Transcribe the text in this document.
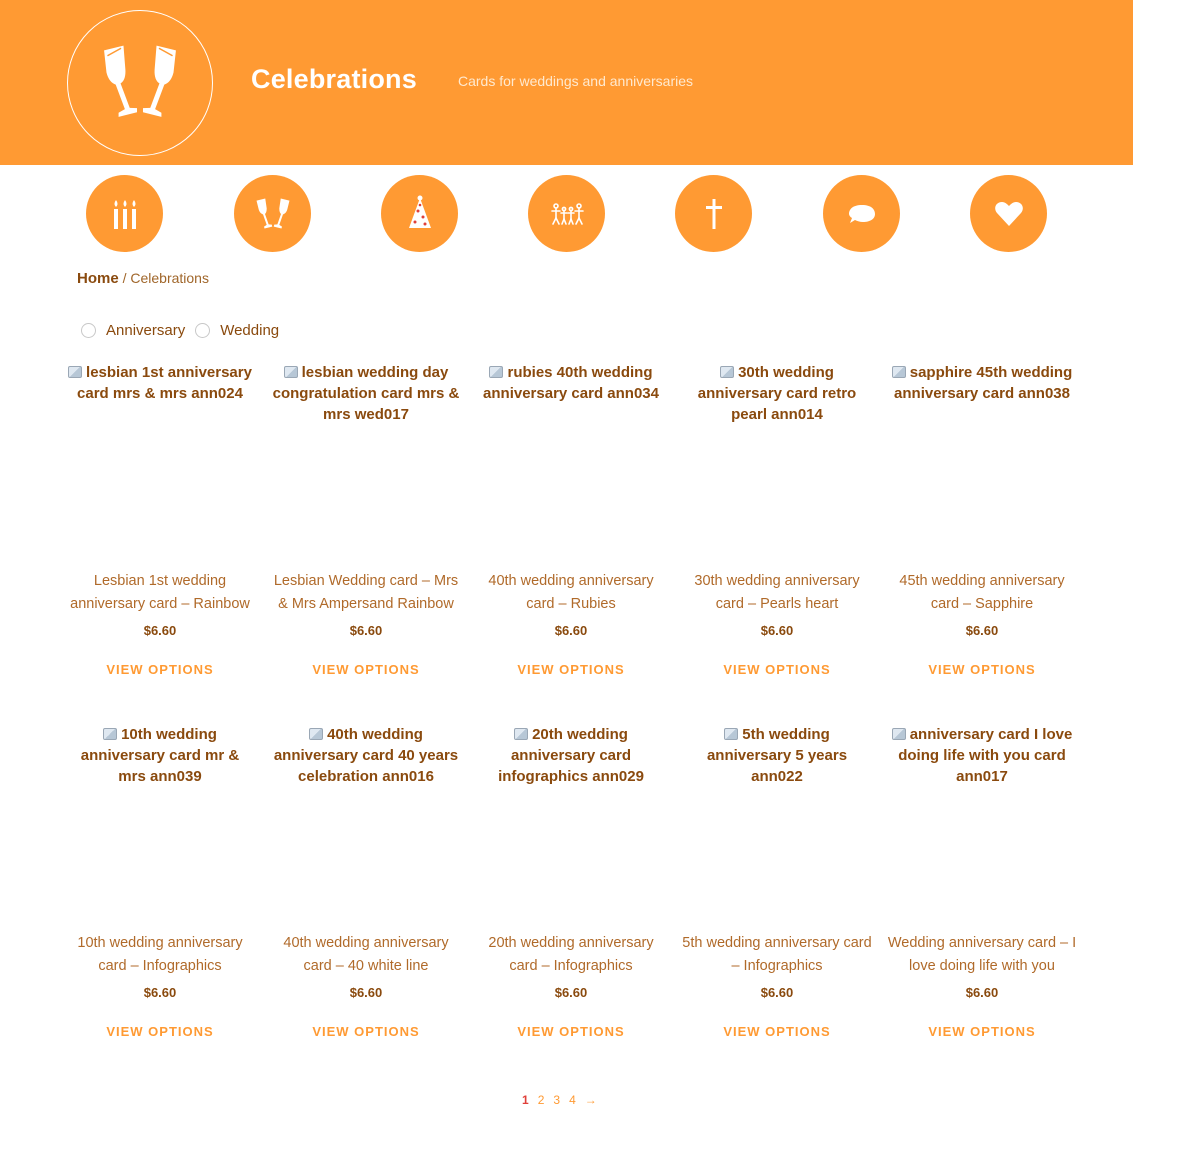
Celebrations	Cards for weddings and anniversaries
Home / Celebrations
Anniversary Wedding
lesbian 1st anniversary card mrs & mrs ann024
Lesbian 1st wedding anniversary card – Rainbow
$6.60
VIEW OPTIONS
lesbian wedding day congratulation card mrs & mrs wed017
Lesbian Wedding card – Mrs & Mrs Ampersand Rainbow
$6.60
VIEW OPTIONS
rubies 40th wedding anniversary card ann034
40th wedding anniversary card – Rubies
$6.60
VIEW OPTIONS
30th wedding anniversary card retro pearl ann014
30th wedding anniversary card – Pearls heart
$6.60
VIEW OPTIONS
sapphire 45th wedding anniversary card ann038
45th wedding anniversary card – Sapphire
$6.60
VIEW OPTIONS
10th wedding anniversary card mr & mrs ann039
10th wedding anniversary card – Infographics
$6.60
VIEW OPTIONS
40th wedding anniversary card 40 years celebration ann016
40th wedding anniversary card – 40 white line
$6.60
VIEW OPTIONS
20th wedding anniversary card infographics ann029
20th wedding anniversary card – Infographics
$6.60
VIEW OPTIONS
5th wedding anniversary 5 years ann022
5th wedding anniversary card – Infographics
$6.60
VIEW OPTIONS
anniversary card I love doing life with you card ann017
Wedding anniversary card – I love doing life with you
$6.60
VIEW OPTIONS
1 2 3 4 →
